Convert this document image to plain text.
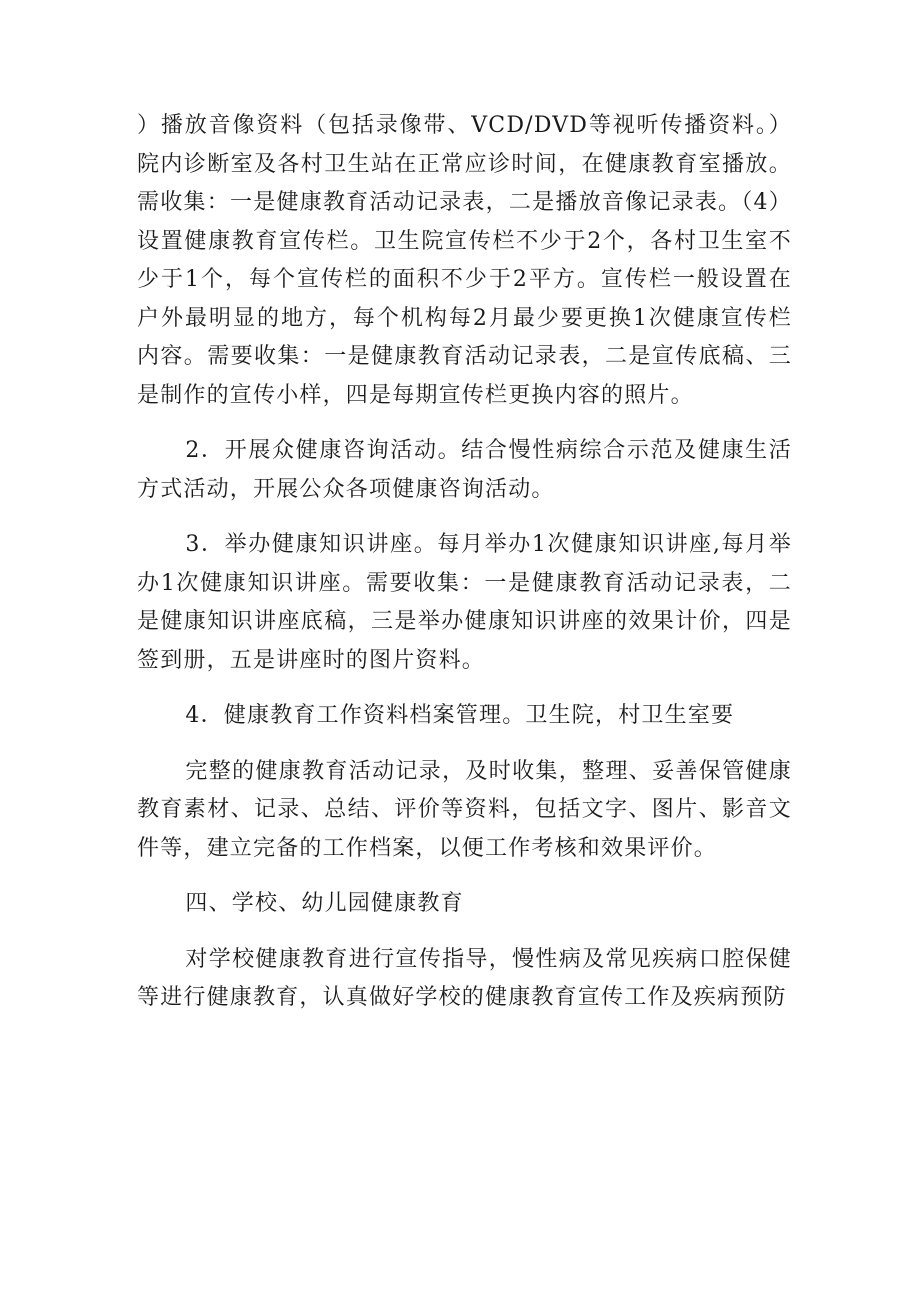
）播放音像资料（包括录像带、VCD/DVD等视听传播资料。）院内诊断室及各村卫生站在正常应诊时间，在健康教育室播放。需收集：一是健康教育活动记录表，二是播放音像记录表。（4）设置健康教育宣传栏。卫生院宣传栏不少于2个，各村卫生室不少于1个，每个宣传栏的面积不少于2平方。宣传栏一般设置在户外最明显的地方，每个机构每2月最少要更换1次健康宣传栏内容。需要收集：一是健康教育活动记录表，二是宣传底稿、三是制作的宣传小样，四是每期宣传栏更换内容的照片。

2．开展众健康咨询活动。结合慢性病综合示范及健康生活方式活动，开展公众各项健康咨询活动。

3．举办健康知识讲座。每月举办1次健康知识讲座,每月举办1次健康知识讲座。需要收集：一是健康教育活动记录表，二是健康知识讲座底稿，三是举办健康知识讲座的效果计价，四是签到册，五是讲座时的图片资料。

4．健康教育工作资料档案管理。卫生院，村卫生室要

完整的健康教育活动记录，及时收集，整理、妥善保管健康教育素材、记录、总结、评价等资料，包括文字、图片、影音文件等，建立完备的工作档案，以便工作考核和效果评价。

四、学校、幼儿园健康教育

对学校健康教育进行宣传指导，慢性病及常见疾病口腔保健等进行健康教育，认真做好学校的健康教育宣传工作及疾病预防
